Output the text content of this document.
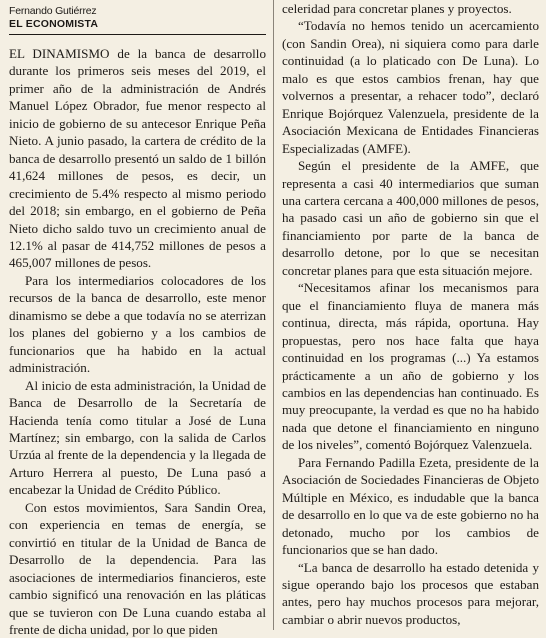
Fernando Gutiérrez
EL ECONOMISTA

EL DINAMISMO de la banca de desarrollo durante los primeros seis meses del 2019, el primer año de la administración de Andrés Manuel López Obrador, fue menor respecto al inicio de gobierno de su antecesor Enrique Peña Nieto. A junio pasado, la cartera de crédito de la banca de desarrollo presentó un saldo de 1 billón 41,624 millones de pesos, es decir, un crecimiento de 5.4% respecto al mismo periodo del 2018; sin embargo, en el gobierno de Peña Nieto dicho saldo tuvo un crecimiento anual de 12.1% al pasar de 414,752 millones de pesos a 465,007 millones de pesos.

Para los intermediarios colocadores de los recursos de la banca de desarrollo, este menor dinamismo se debe a que todavía no se aterrizan los planes del gobierno y a los cambios de funcionarios que ha habido en la actual administración.

Al inicio de esta administración, la Unidad de Banca de Desarrollo de la Secretaría de Hacienda tenía como titular a José de Luna Martínez; sin embargo, con la salida de Carlos Urzúa al frente de la dependencia y la llegada de Arturo Herrera al puesto, De Luna pasó a encabezar la Unidad de Crédito Público.

Con estos movimientos, Sara Sandin Orea, con experiencia en temas de energía, se convirtió en titular de la Unidad de Banca de Desarrollo de la dependencia. Para las asociaciones de intermediarios financieros, este cambio significó una renovación en las pláticas que se tuvieron con De Luna cuando estaba al frente de dicha unidad, por lo que piden

celeridad para concretar planes y proyectos.

“Todavía no hemos tenido un acercamiento (con Sandin Orea), ni siquiera como para darle continuidad (a lo platicado con De Luna). Lo malo es que estos cambios frenan, hay que volvernos a presentar, a rehacer todo”, declaró Enrique Bojórquez Valenzuela, presidente de la Asociación Mexicana de Entidades Financieras Especializadas (AMFE).

Según el presidente de la AMFE, que representa a casi 40 intermediarios que suman una cartera cercana a 400,000 millones de pesos, ha pasado casi un año de gobierno sin que el financiamiento por parte de la banca de desarrollo detone, por lo que se necesitan concretar planes para que esta situación mejore.

“Necesitamos afinar los mecanismos para que el financiamiento fluya de manera más continua, directa, más rápida, oportuna. Hay propuestas, pero nos hace falta que haya continuidad en los programas (...) Ya estamos prácticamente a un año de gobierno y los cambios en las dependencias han continuado. Es muy preocupante, la verdad es que no ha habido nada que detone el financiamiento en ninguno de los niveles”, comentó Bojórquez Valenzuela.

Para Fernando Padilla Ezeta, presidente de la Asociación de Sociedades Financieras de Objeto Múltiple en México, es indudable que la banca de desarrollo en lo que va de este gobierno no ha detonado, mucho por los cambios de funcionarios que se han dado.

“La banca de desarrollo ha estado detenida y sigue operando bajo los procesos que estaban antes, pero hay muchos procesos para mejorar, cambiar o abrir nuevos productos,
